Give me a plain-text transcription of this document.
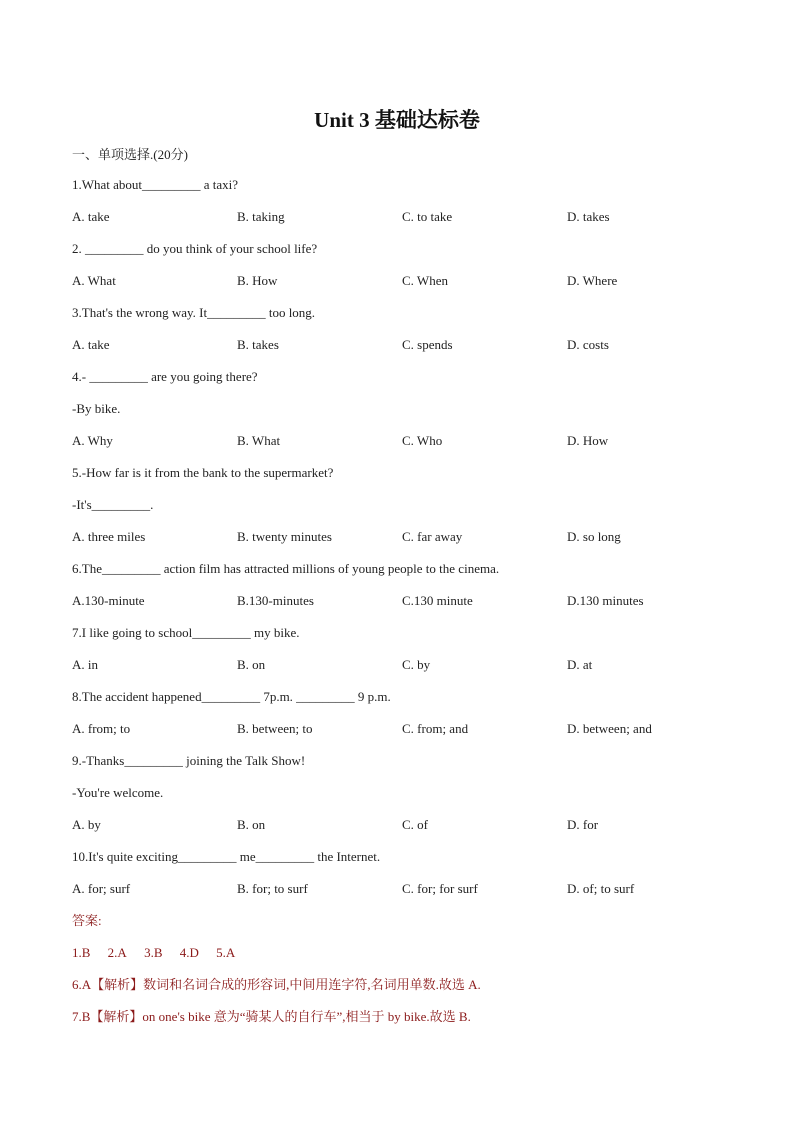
Unit 3 基础达标卷
一、单项选择.(20分)
1.What about_________ a taxi?
A. take	B. taking	C. to take	D. takes
2. _________ do you think of your school life?
A. What	B. How	C. When	D. Where
3.That's the wrong way. It_________ too long.
A. take	B. takes	C. spends	D. costs
4.- _________ are you going there?
-By bike.
A. Why	B. What	C. Who	D. How
5.-How far is it from the bank to the supermarket?
-It's_________.
A. three miles	B. twenty minutes	C. far away	D. so long
6.The_________ action film has attracted millions of young people to the cinema.
A.130-minute	B.130-minutes	C.130 minute	D.130 minutes
7.I like going to school_________ my bike.
A. in	B. on	C. by	D. at
8.The accident happened_________ 7p.m. _________ 9 p.m.
A. from; to	B. between; to	C. from; and	D. between; and
9.-Thanks_________ joining the Talk Show!
-You're welcome.
A. by	B. on	C. of	D. for
10.It's quite exciting_________ me_________ the Internet.
A. for; surf	B. for; to surf	C. for; for surf	D. of; to surf
答案:
1.B 2.A 3.B 4.D 5.A
6.A【解析】数词和名词合成的形容词,中间用连字符,名词用单数.故选 A.
7.B【解析】on one's bike 意为“骑某人的自行车”,相当于 by bike.故选 B.
